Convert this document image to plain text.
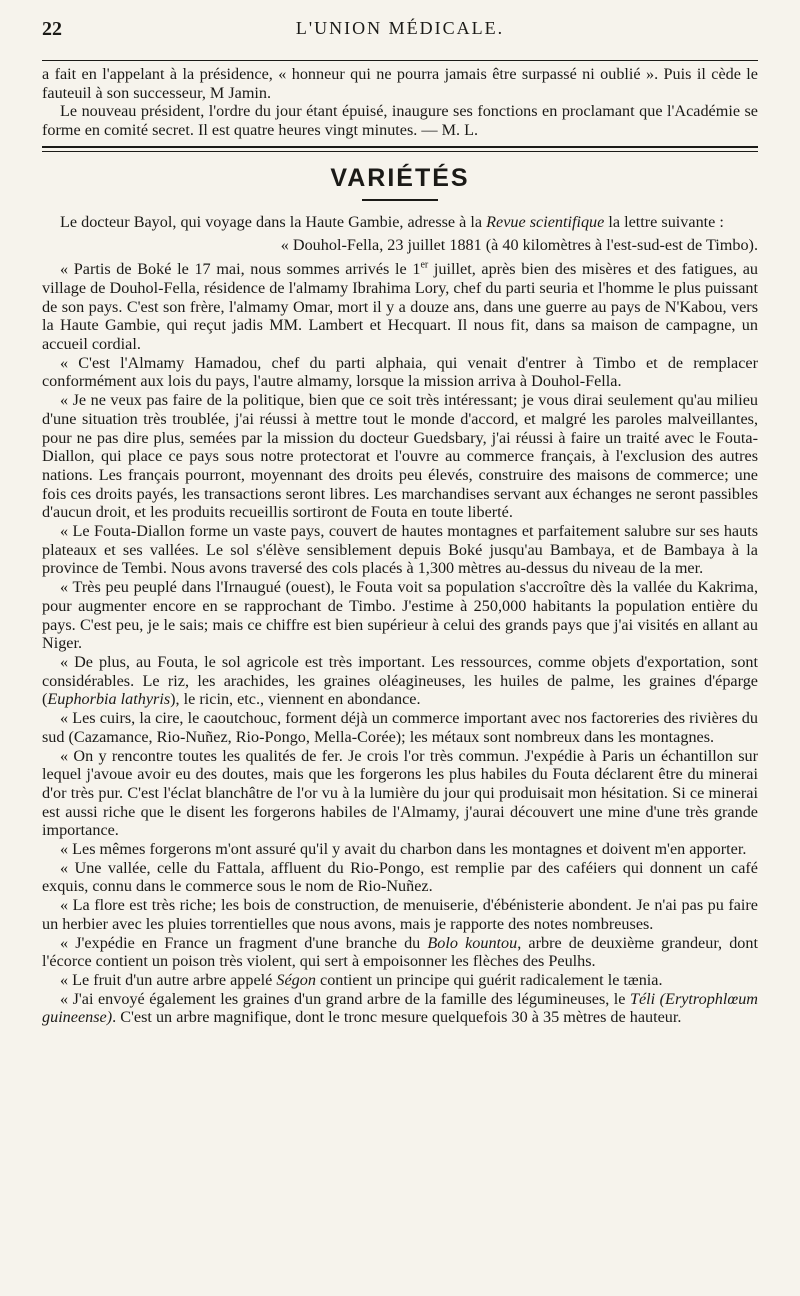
22	L'UNION MÉDICALE.

a fait en l'appelant à la présidence, « honneur qui ne pourra jamais être surpassé ni oublié ». Puis il cède le fauteuil à son successeur, M Jamin.

Le nouveau président, l'ordre du jour étant épuisé, inaugure ses fonctions en proclamant que l'Académie se forme en comité secret. Il est quatre heures vingt minutes. — M. L.

VARIÉTÉS

Le docteur Bayol, qui voyage dans la Haute Gambie, adresse à la Revue scientifique la lettre suivante :

« Douhol-Fella, 23 juillet 1881 (à 40 kilomètres à l'est-sud-est de Timbo).

« Partis de Boké le 17 mai, nous sommes arrivés le 1er juillet, après bien des misères et des fatigues, au village de Douhol-Fella, résidence de l'almamy Ibrahima Lory, chef du parti seuria et l'homme le plus puissant de son pays. C'est son frère, l'almamy Omar, mort il y a douze ans, dans une guerre au pays de N'Kabou, vers la Haute Gambie, qui reçut jadis MM. Lambert et Hecquart. Il nous fit, dans sa maison de campagne, un accueil cordial.

« C'est l'Almamy Hamadou, chef du parti alphaia, qui venait d'entrer à Timbo et de remplacer conformément aux lois du pays, l'autre almamy, lorsque la mission arriva à Douhol-Fella.

« Je ne veux pas faire de la politique, bien que ce soit très intéressant; je vous dirai seulement qu'au milieu d'une situation très troublée, j'ai réussi à mettre tout le monde d'accord, et malgré les paroles malveillantes, pour ne pas dire plus, semées par la mission du docteur Guedsbary, j'ai réussi à faire un traité avec le Fouta-Diallon, qui place ce pays sous notre protectorat et l'ouvre au commerce français, à l'exclusion des autres nations. Les français pourront, moyennant des droits peu élevés, construire des maisons de commerce; une fois ces droits payés, les transactions seront libres. Les marchandises servant aux échanges ne seront passibles d'aucun droit, et les produits recueillis sortiront de Fouta en toute liberté.

« Le Fouta-Diallon forme un vaste pays, couvert de hautes montagnes et parfaitement salubre sur ses hauts plateaux et ses vallées. Le sol s'élève sensiblement depuis Boké jusqu'au Bambaya, et de Bambaya à la province de Tembi. Nous avons traversé des cols placés à 1,300 mètres au-dessus du niveau de la mer.

« Très peu peuplé dans l'Irnaugué (ouest), le Fouta voit sa population s'accroître dès la vallée du Kakrima, pour augmenter encore en se rapprochant de Timbo. J'estime à 250,000 habitants la population entière du pays. C'est peu, je le sais; mais ce chiffre est bien supérieur à celui des grands pays que j'ai visités en allant au Niger.

« De plus, au Fouta, le sol agricole est très important. Les ressources, comme objets d'exportation, sont considérables. Le riz, les arachides, les graines oléagineuses, les huiles de palme, les graines d'éparge (Euphorbia lathyris), le ricin, etc., viennent en abondance.

« Les cuirs, la cire, le caoutchouc, forment déjà un commerce important avec nos factoreries des rivières du sud (Cazamance, Rio-Nuñez, Rio-Pongo, Mella-Corée); les métaux sont nombreux dans les montagnes.

« On y rencontre toutes les qualités de fer. Je crois l'or très commun. J'expédie à Paris un échantillon sur lequel j'avoue avoir eu des doutes, mais que les forgerons les plus habiles du Fouta déclarent être du minerai d'or très pur. C'est l'éclat blanchâtre de l'or vu à la lumière du jour qui produisait mon hésitation. Si ce minerai est aussi riche que le disent les forgerons habiles de l'Almamy, j'aurai découvert une mine d'une très grande importance.

« Les mêmes forgerons m'ont assuré qu'il y avait du charbon dans les montagnes et doivent m'en apporter.

« Une vallée, celle du Fattala, affluent du Rio-Pongo, est remplie par des caféiers qui donnent un café exquis, connu dans le commerce sous le nom de Rio-Nuñez.

« La flore est très riche; les bois de construction, de menuiserie, d'ébénisterie abondent. Je n'ai pas pu faire un herbier avec les pluies torrentielles que nous avons, mais je rapporte des notes nombreuses.

« J'expédie en France un fragment d'une branche du Bolo kountou, arbre de deuxième grandeur, dont l'écorce contient un poison très violent, qui sert à empoisonner les flèches des Peulhs.

« Le fruit d'un autre arbre appelé Ségon contient un principe qui guérit radicalement le tænia.

« J'ai envoyé également les graines d'un grand arbre de la famille des légumineuses, le Téli (Erytrophlœum guineense). C'est un arbre magnifique, dont le tronc mesure quelquefois 30 à 35 mètres de hauteur.
